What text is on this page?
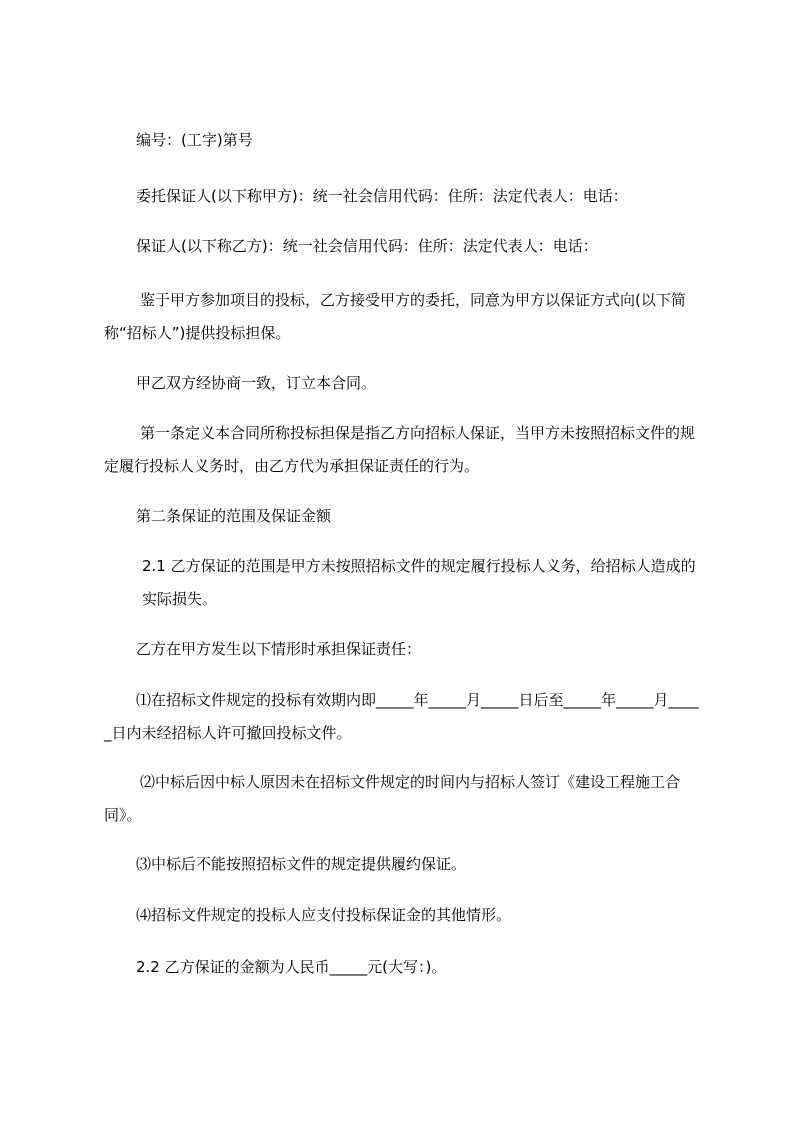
编号：(工字)第号

委托保证人(以下称甲方)：统一社会信用代码：住所：法定代表人：电话：

保证人(以下称乙方)：统一社会信用代码：住所：法定代表人：电话：

鉴于甲方参加项目的投标，乙方接受甲方的委托，同意为甲方以保证方式向(以下简称“招标人”)提供投标担保。

甲乙双方经协商一致，订立本合同。

第一条定义本合同所称投标担保是指乙方向招标人保证，当甲方未按照招标文件的规定履行投标人义务时，由乙方代为承担保证责任的行为。

第二条保证的范围及保证金额

2.1 乙方保证的范围是甲方未按照招标文件的规定履行投标人义务，给招标人造成的实际损失。

乙方在甲方发生以下情形时承担保证责任：

⑴在招标文件规定的投标有效期内即_____年_____月_____日后至_____年_____月_____日内未经招标人许可撤回投标文件。

⑵中标后因中标人原因未在招标文件规定的时间内与招标人签订《建设工程施工合同》。

⑶中标后不能按照招标文件的规定提供履约保证。

⑷招标文件规定的投标人应支付投标保证金的其他情形。

2.2 乙方保证的金额为人民币_____元(大写：)。
